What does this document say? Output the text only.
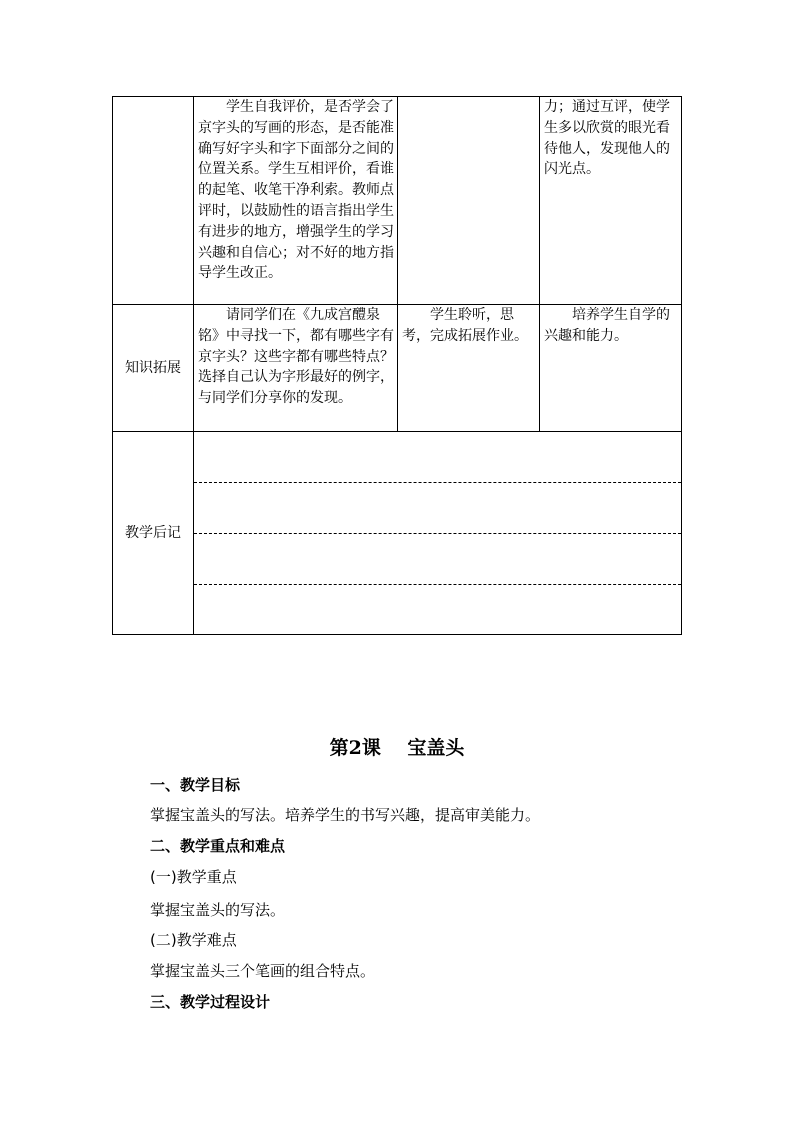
	学生自我评价，是否学会了京字头的写画的形态，是否能准确写好字头和字下面部分之间的位置关系。学生互相评价，看谁的起笔、收笔干净利索。教师点评时，以鼓励性的语言指出学生有进步的地方，增强学生的学习兴趣和自信心；对不好的地方指导学生改正。		力；通过互评，使学生多以欣赏的眼光看待他人，发现他人的闪光点。
知识拓展	请同学们在《九成宫醴泉铭》中寻找一下，都有哪些字有京字头？这些字都有哪些特点？选择自己认为字形最好的例字，与同学们分享你的发现。	学生聆听，思考，完成拓展作业。	培养学生自学的兴趣和能力。
教学后记			
第2课    宝盖头
一、教学目标
掌握宝盖头的写法。培养学生的书写兴趣，提高审美能力。
二、教学重点和难点
(一)教学重点
掌握宝盖头的写法。
(二)教学难点
掌握宝盖头三个笔画的组合特点。
三、教学过程设计
